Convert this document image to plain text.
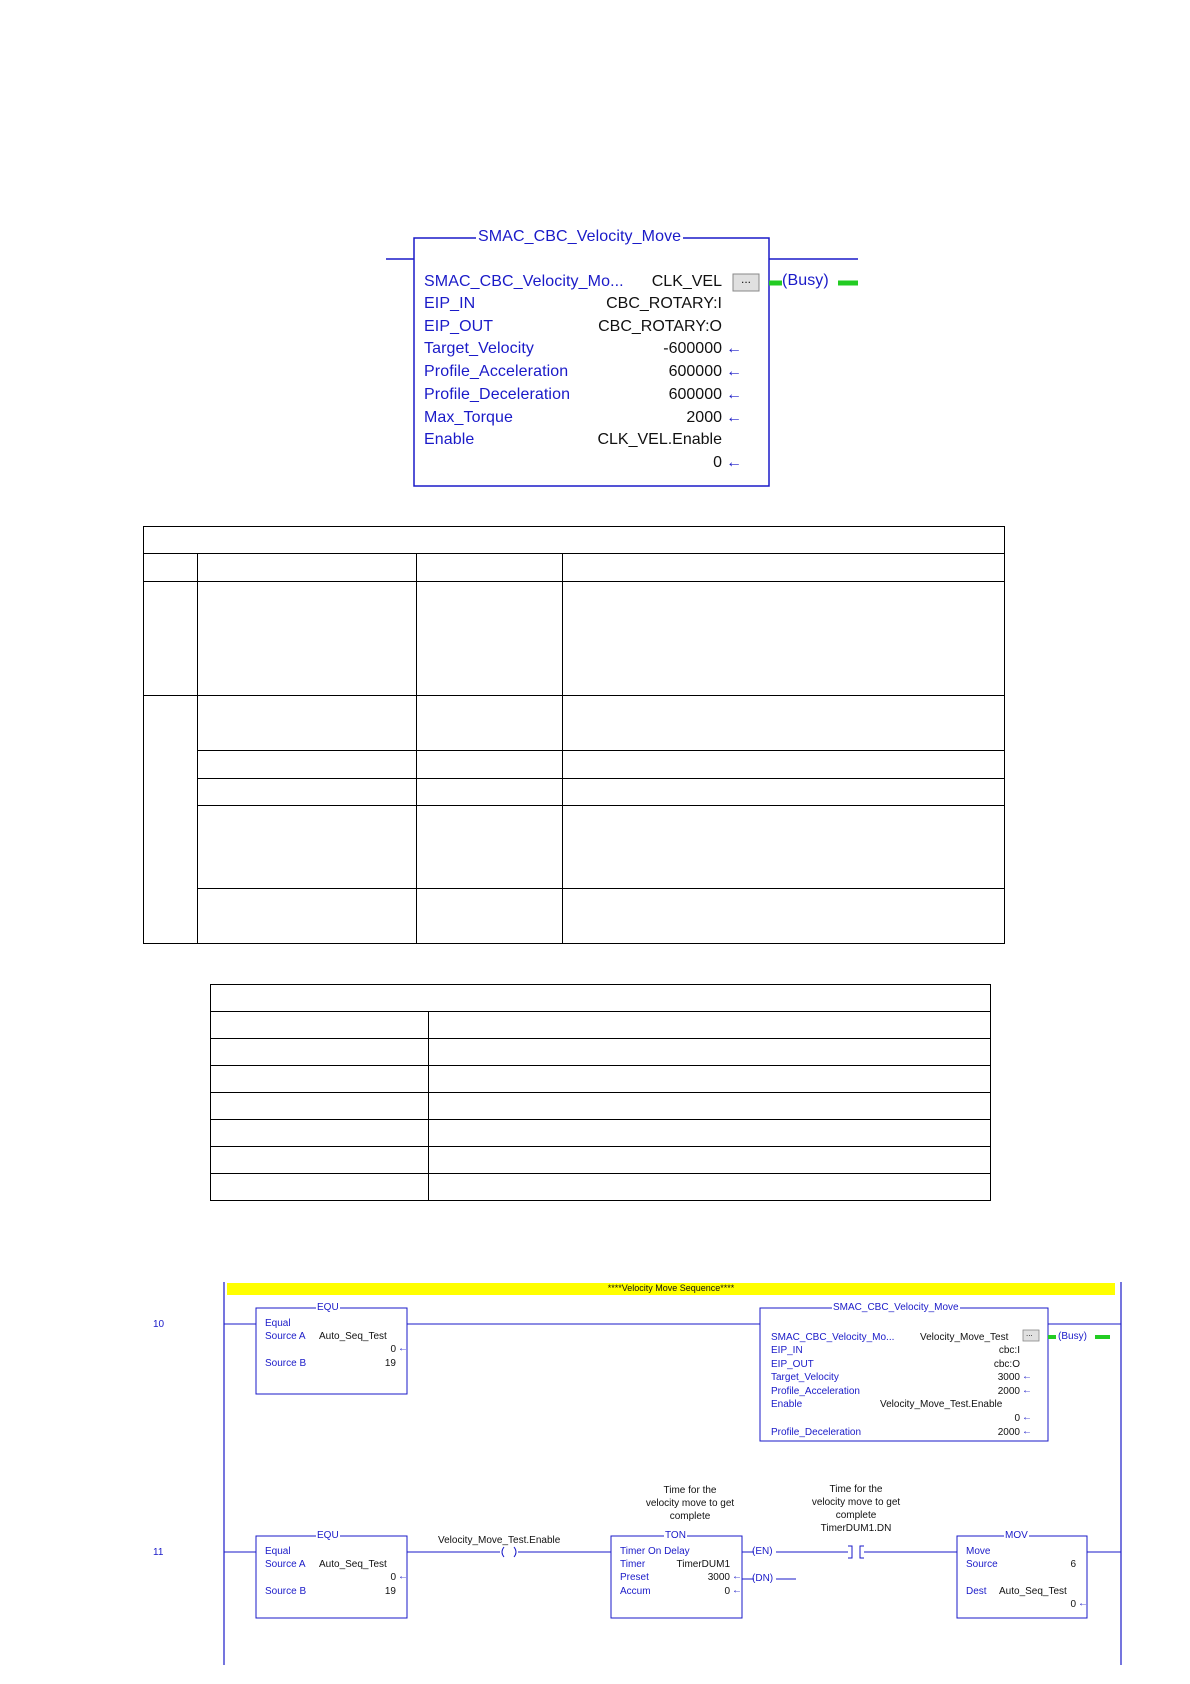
SMAC_CBC_Velocity_Move
...	(Busy)
SMAC_CBC_Velocity_Mo... CLK_VEL
EIP_IN	CBC_ROTARY:I
EIP_OUT	CBC_ROTARY:O
Target_Velocity	-600000 ←
Profile_Acceleration	600000 ←
Profile_Deceleration	600000 ←
Max_Torque	2000 ←
Enable	CLK_VEL.Enable
0 ←

****Velocity Move Sequence****
10
EQU
Equal
Source A Auto_Seq_Test
0 ←
Source B	19
SMAC_CBC_Velocity_Move
SMAC_CBC_Velocity_Mo...	Velocity_Move_Test ...	(Busy)
EIP_IN	cbc:I
EIP_OUT	cbc:O
Target_Velocity	3000 ←
Profile_Acceleration	2000 ←
Enable	Velocity_Move_Test.Enable
0 ←
Profile_Deceleration	2000 ←
11
EQU
Equal
Source A Auto_Seq_Test
0 ←
Source B	19
Velocity_Move_Test.Enable
Time for the
velocity move to get
complete
TON
Timer On Delay
Timer	TimerDUM1
Preset	3000 ←
Accum	0 ←
(EN)
(DN)
Time for the
velocity move to get
complete
TimerDUM1.DN
MOV
Move
Source	6
Dest Auto_Seq_Test
0 ←
